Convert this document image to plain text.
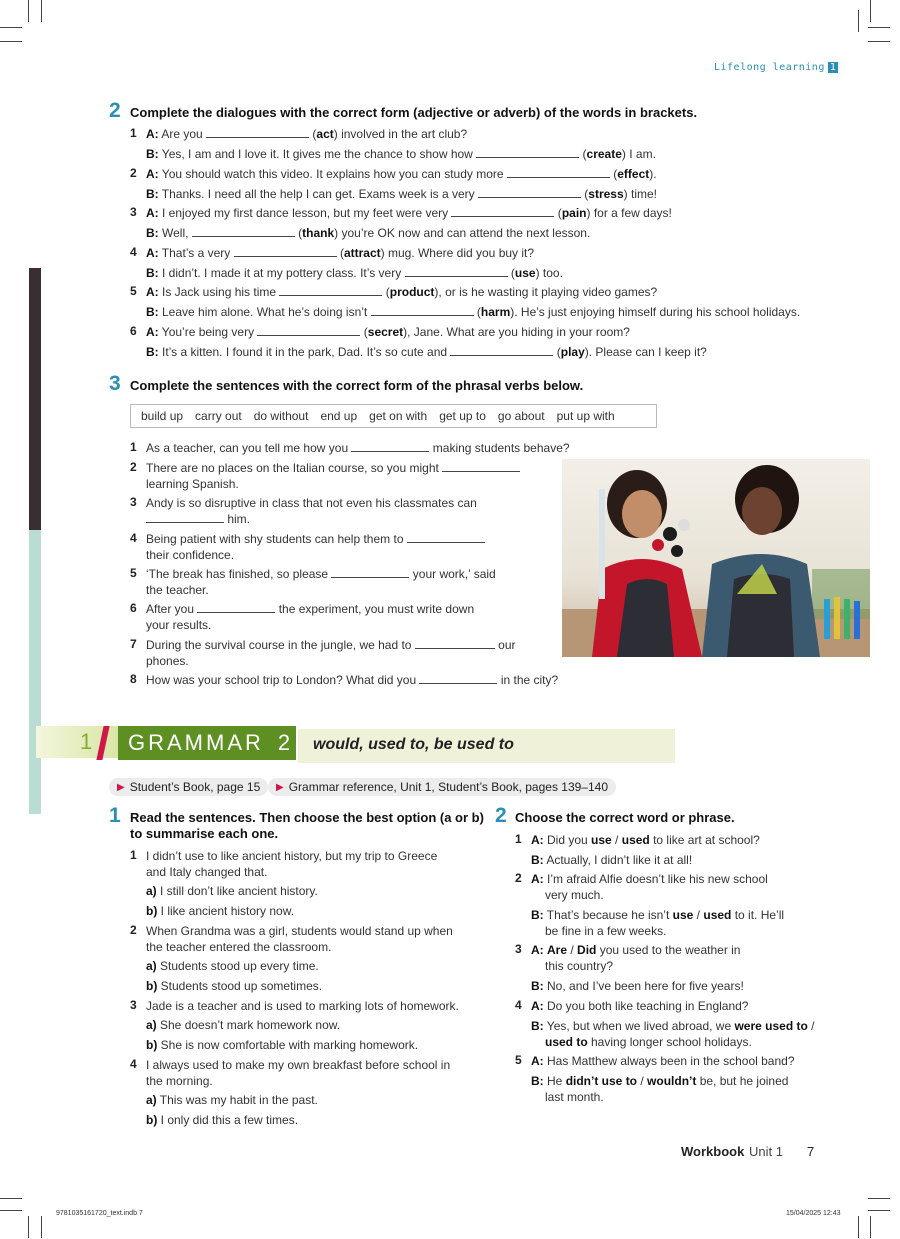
Lifelong learning 1
2 Complete the dialogues with the correct form (adjective or adverb) of the words in brackets.
1 A: Are you	(act) involved in the art club?
B: Yes, I am and I love it. It gives me the chance to show how	(create) I am.
2 A: You should watch this video. It explains how you can study more	(effect).
B: Thanks. I need all the help I can get. Exams week is a very	(stress) time!
3 A: I enjoyed my first dance lesson, but my feet were very	(pain) for a few days!
B: Well,	(thank) you’re OK now and can attend the next lesson.
4 A: That’s a very	(attract) mug. Where did you buy it?
B: I didn’t. I made it at my pottery class. It’s very	(use) too.
5 A: Is Jack using his time	(product), or is he wasting it playing video games?
B: Leave him alone. What he’s doing isn’t	(harm). He’s just enjoying himself during his school holidays.
6 A: You’re being very	(secret), Jane. What are you hiding in your room?
B: It’s a kitten. I found it in the park, Dad. It’s so cute and	(play). Please can I keep it?
3 Complete the sentences with the correct form of the phrasal verbs below.
build up carry out do without end up get on with get up to go about put up with
1 As a teacher, can you tell me how you	making students behave?
2 There are no places on the Italian course, so you might
learning Spanish.
3 Andy is so disruptive in class that not even his classmates can
him.
4 Being patient with shy students can help them to
their confidence.
5 ‘The break has finished, so please	your work,’ said
the teacher.
6 After you	the experiment, you must write down
your results.
7 During the survival course in the jungle, we had to	our
phones.
8 How was your school trip to London? What did you	in the city?
1 GRAMMAR 2 would, used to, be used to
▶ Student’s Book, page 15 ▶ Grammar reference, Unit 1, Student’s Book, pages 139–140
1 Read the sentences. Then choose the best option (a or b)
to summarise each one.
1 I didn’t use to like ancient history, but my trip to Greece
and Italy changed that.
a) I still don’t like ancient history.
b) I like ancient history now.
2 When Grandma was a girl, students would stand up when
the teacher entered the classroom.
a) Students stood up every time.
b) Students stood up sometimes.
3 Jade is a teacher and is used to marking lots of homework.
a) She doesn’t mark homework now.
b) She is now comfortable with marking homework.
4 I always used to make my own breakfast before school in
the morning.
a) This was my habit in the past.
b) I only did this a few times.
2 Choose the correct word or phrase.
1 A: Did you use / used to like art at school?
B: Actually, I didn’t like it at all!
2 A: I’m afraid Alfie doesn’t like his new school
very much.
B: That’s because he isn’t use / used to it. He’ll
be fine in a few weeks.
3 A: Are / Did you used to the weather in
this country?
B: No, and I’ve been here for five years!
4 A: Do you both like teaching in England?
B: Yes, but when we lived abroad, we were used to /
used to having longer school holidays.
5 A: Has Matthew always been in the school band?
B: He didn’t use to / wouldn’t be, but he joined
last month.
Workbook Unit 1 7
9781035161720_text.indb 7	15/04/2025 12:43
